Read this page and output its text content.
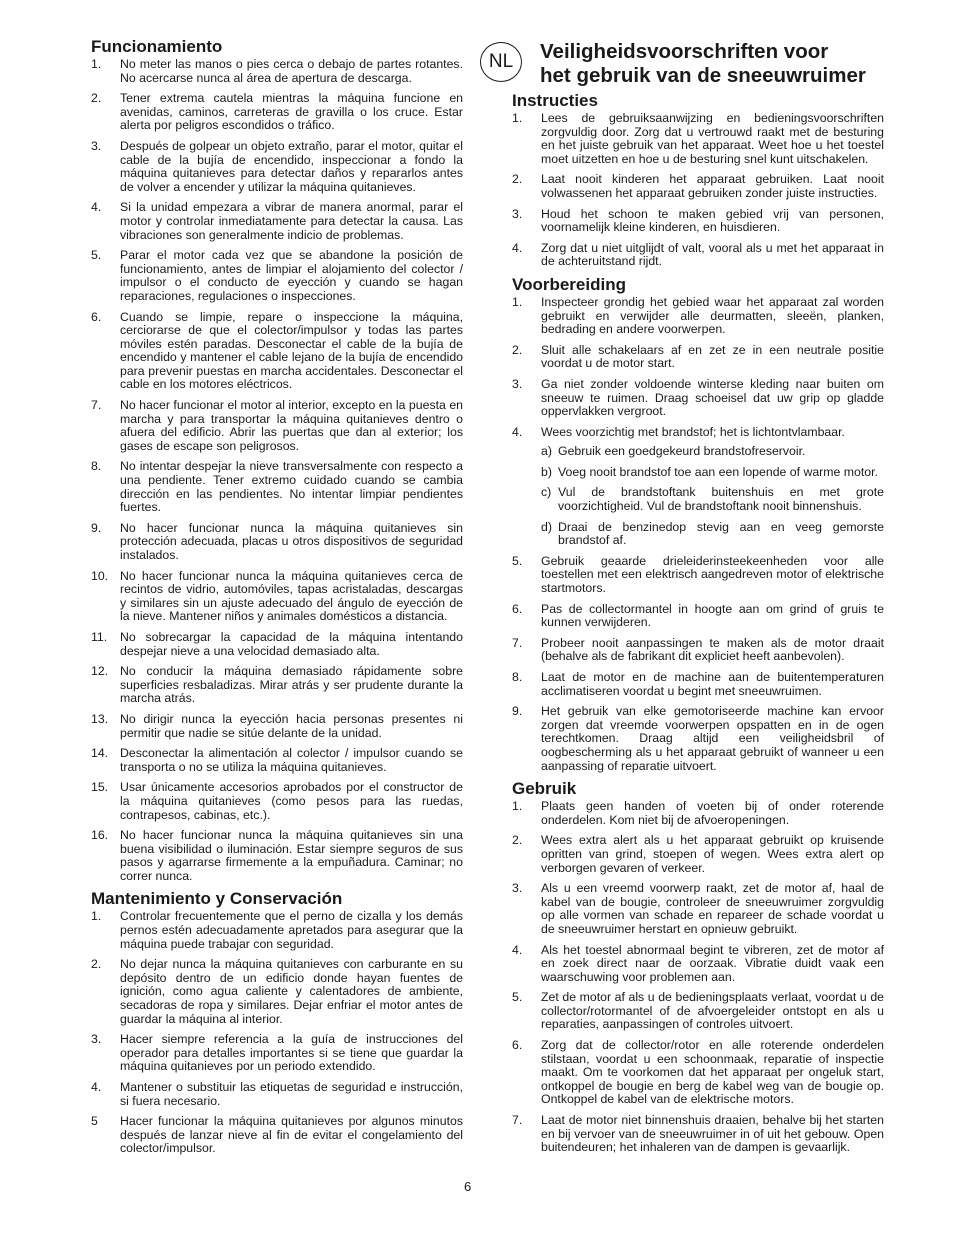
Funcionamiento
1. No meter las manos o pies cerca o debajo de partes rotantes. No acercarse nunca al área de apertura de descarga.
2. Tener extrema cautela mientras la máquina funcione en avenidas, caminos, carreteras de gravilla o los cruce. Estar alerta por peligros escondidos o tráfico.
3. Después de golpear un objeto extraño, parar el motor, quitar el cable de la bujía de encendido, inspeccionar a fondo la máquina quitanieves para detectar daños y repararlos antes de volver a encender y utilizar la máquina quitanieves.
4. Si la unidad empezara a vibrar de manera anormal, parar el motor y controlar inmediatamente para detectar la causa. Las vibraciones son generalmente indicio de problemas.
5. Parar el motor cada vez que se abandone la posición de funcionamiento, antes de limpiar el alojamiento del colector / impulsor o el conducto de eyección y cuando se hagan reparaciones, regulaciones o inspecciones.
6. Cuando se limpie, repare o inspeccione la máquina, cerciorarse de que el colector/impulsor y todas las partes móviles estén paradas. Desconectar el cable de la bujía de encendido y mantener el cable lejano de la bujía de encendido para prevenir puestas en marcha accidentales. Desconectar el cable en los motores eléctricos.
7. No hacer funcionar el motor al interior, excepto en la puesta en marcha y para transportar la máquina quitanieves dentro o afuera del edificio. Abrir las puertas que dan al exterior; los gases de escape son peligrosos.
8. No intentar despejar la nieve transversalmente con respecto a una pendiente. Tener extremo cuidado cuando se cambia dirección en las pendientes. No intentar limpiar pendientes fuertes.
9. No hacer funcionar nunca la máquina quitanieves sin protección adecuada, placas u otros dispositivos de seguridad instalados.
10. No hacer funcionar nunca la máquina quitanieves cerca de recintos de vidrio, automóviles, tapas acristaladas, descargas y similares sin un ajuste adecuado del ángulo de eyección de la nieve. Mantener niños y animales domésticos a distancia.
11. No sobrecargar la capacidad de la máquina intentando despejar nieve a una velocidad demasiado alta.
12. No conducir la máquina demasiado rápidamente sobre superficies resbaladizas. Mirar atrás y ser prudente durante la marcha atrás.
13. No dirigir nunca la eyección hacia personas presentes ni permitir que nadie se sitúe delante de la unidad.
14. Desconectar la alimentación al colector / impulsor cuando se transporta o no se utiliza la máquina quitanieves.
15. Usar únicamente accesorios aprobados por el constructor de la máquina quitanieves (como pesos para las ruedas, contrapesos, cabinas, etc.).
16. No hacer funcionar nunca la máquina quitanieves sin una buena visibilidad o iluminación. Estar siempre seguros de sus pasos y agarrarse firmemente a la empuñadura. Caminar; no correr nunca.
Mantenimiento y Conservación
1. Controlar frecuentemente que el perno de cizalla y los demás pernos estén adecuadamente apretados para asegurar que la máquina puede trabajar con seguridad.
2. No dejar nunca la máquina quitanieves con carburante en su depósito dentro de un edificio donde hayan fuentes de ignición, como agua caliente y calentadores de ambiente, secadoras de ropa y similares. Dejar enfriar el motor antes de guardar la máquina al interior.
3. Hacer siempre referencia a la guía de instrucciones del operador para detalles importantes si se tiene que guardar la máquina quitanieves por un periodo extendido.
4. Mantener o substituir las etiquetas de seguridad e instrucción, si fuera necesario.
5 Hacer funcionar la máquina quitanieves por algunos minutos después de lanzar nieve al fin de evitar el congelamiento del colector/impulsor.
NL	Veiligheidsvoorschriften voor
het gebruik van de sneeuwruimer
Instructies
1. Lees de gebruiksaanwijzing en bedieningsvoorschriften zorgvuldig door. Zorg dat u vertrouwd raakt met de besturing en het juiste gebruik van het apparaat. Weet hoe u het toestel moet uitzetten en hoe u de besturing snel kunt uitschakelen.
2. Laat nooit kinderen het apparaat gebruiken. Laat nooit volwassenen het apparaat gebruiken zonder juiste instructies.
3. Houd het schoon te maken gebied vrij van personen, voornamelijk kleine kinderen, en huisdieren.
4. Zorg dat u niet uitglijdt of valt, vooral als u met het apparaat in de achteruitstand rijdt.
Voorbereiding
1. Inspecteer grondig het gebied waar het apparaat zal worden gebruikt en verwijder alle deurmatten, sleeën, planken, bedrading en andere voorwerpen.
2. Sluit alle schakelaars af en zet ze in een neutrale positie voordat u de motor start.
3. Ga niet zonder voldoende winterse kleding naar buiten om sneeuw te ruimen. Draag schoeisel dat uw grip op gladde oppervlakken vergroot.
4. Wees voorzichtig met brandstof; het is lichtontvlambaar.
a) Gebruik een goedgekeurd brandstofreservoir.
b) Voeg nooit brandstof toe aan een lopende of warme motor.
c) Vul de brandstoftank buitenshuis en met grote voorzichtigheid. Vul de brandstoftank nooit binnenshuis.
d) Draai de benzinedop stevig aan en veeg gemorste brandstof af.
5. Gebruik geaarde drieleiderinsteekeenheden voor alle toestellen met een elektrisch aangedreven motor of elektrische startmotors.
6. Pas de collectormantel in hoogte aan om grind of gruis te kunnen verwijderen.
7. Probeer nooit aanpassingen te maken als de motor draait (behalve als de fabrikant dit expliciet heeft aanbevolen).
8. Laat de motor en de machine aan de buitentemperaturen acclimatiseren voordat u begint met sneeuwruimen.
9. Het gebruik van elke gemotoriseerde machine kan ervoor zorgen dat vreemde voorwerpen opspatten en in de ogen terechtkomen. Draag altijd een veiligheidsbril of oogbescherming als u het apparaat gebruikt of wanneer u een aanpassing of reparatie uitvoert.
Gebruik
1. Plaats geen handen of voeten bij of onder roterende onderdelen. Kom niet bij de afvoeropeningen.
2. Wees extra alert als u het apparaat gebruikt op kruisende opritten van grind, stoepen of wegen. Wees extra alert op verborgen gevaren of verkeer.
3. Als u een vreemd voorwerp raakt, zet de motor af, haal de kabel van de bougie, controleer de sneeuwruimer zorgvuldig op alle vormen van schade en repareer de schade voordat u de sneeuwruimer herstart en opnieuw gebruikt.
4. Als het toestel abnormaal begint te vibreren, zet de motor af en zoek direct naar de oorzaak. Vibratie duidt vaak een waarschuwing voor problemen aan.
5. Zet de motor af als u de bedieningsplaats verlaat, voordat u de collector/rotormantel of de afvoergeleider ontstopt en als u reparaties, aanpassingen of controles uitvoert.
6. Zorg dat de collector/rotor en alle roterende onderdelen stilstaan, voordat u een schoonmaak, reparatie of inspectie maakt. Om te voorkomen dat het apparaat per ongeluk start, ontkoppel de bougie en berg de kabel weg van de bougie op. Ontkoppel de kabel van de elektrische motors.
7. Laat de motor niet binnenshuis draaien, behalve bij het starten en bij vervoer van de sneeuwruimer in of uit het gebouw. Open buitendeuren; het inhaleren van de dampen is gevaarlijk.
6
